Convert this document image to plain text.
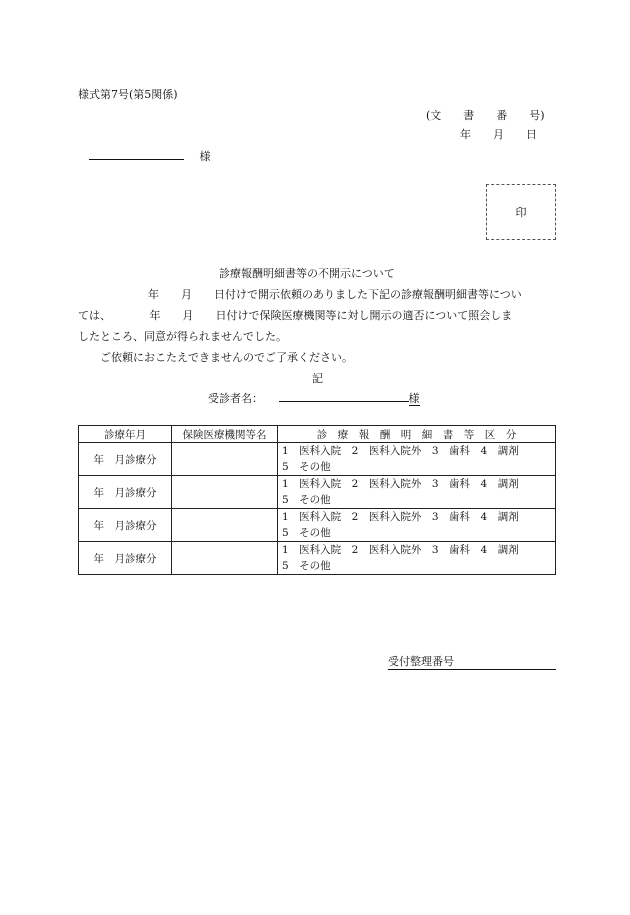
様式第7号(第5関係)
(文　　書　　番　　号)
年　　月　　日
様
印
診療報酬明細書等の不開示について
年　　月　　日付けで開示依頼のありました下記の診療報酬明細書等につい
ては、　　　　年　　月　　日付けで保険医療機関等に対し開示の適否について照会しま
したところ、同意が得られませんでした。
ご依頼におこたえできませんのでご了承ください。
記
受診者名：	様
診療年月	保険医療機関等名	診　療　報　酬　明　細　書　等　区　分
年　月診療分		1　医科入院　2　医科入院外　3　歯科　4　調剤
5　その他

年　月診療分		1　医科入院　2　医科入院外　3　歯科　4　調剤
5　その他

年　月診療分		1　医科入院　2　医科入院外　3　歯科　4　調剤
5　その他

年　月診療分		1　医科入院　2　医科入院外　3　歯科　4　調剤
5　その他
受付整理番号
